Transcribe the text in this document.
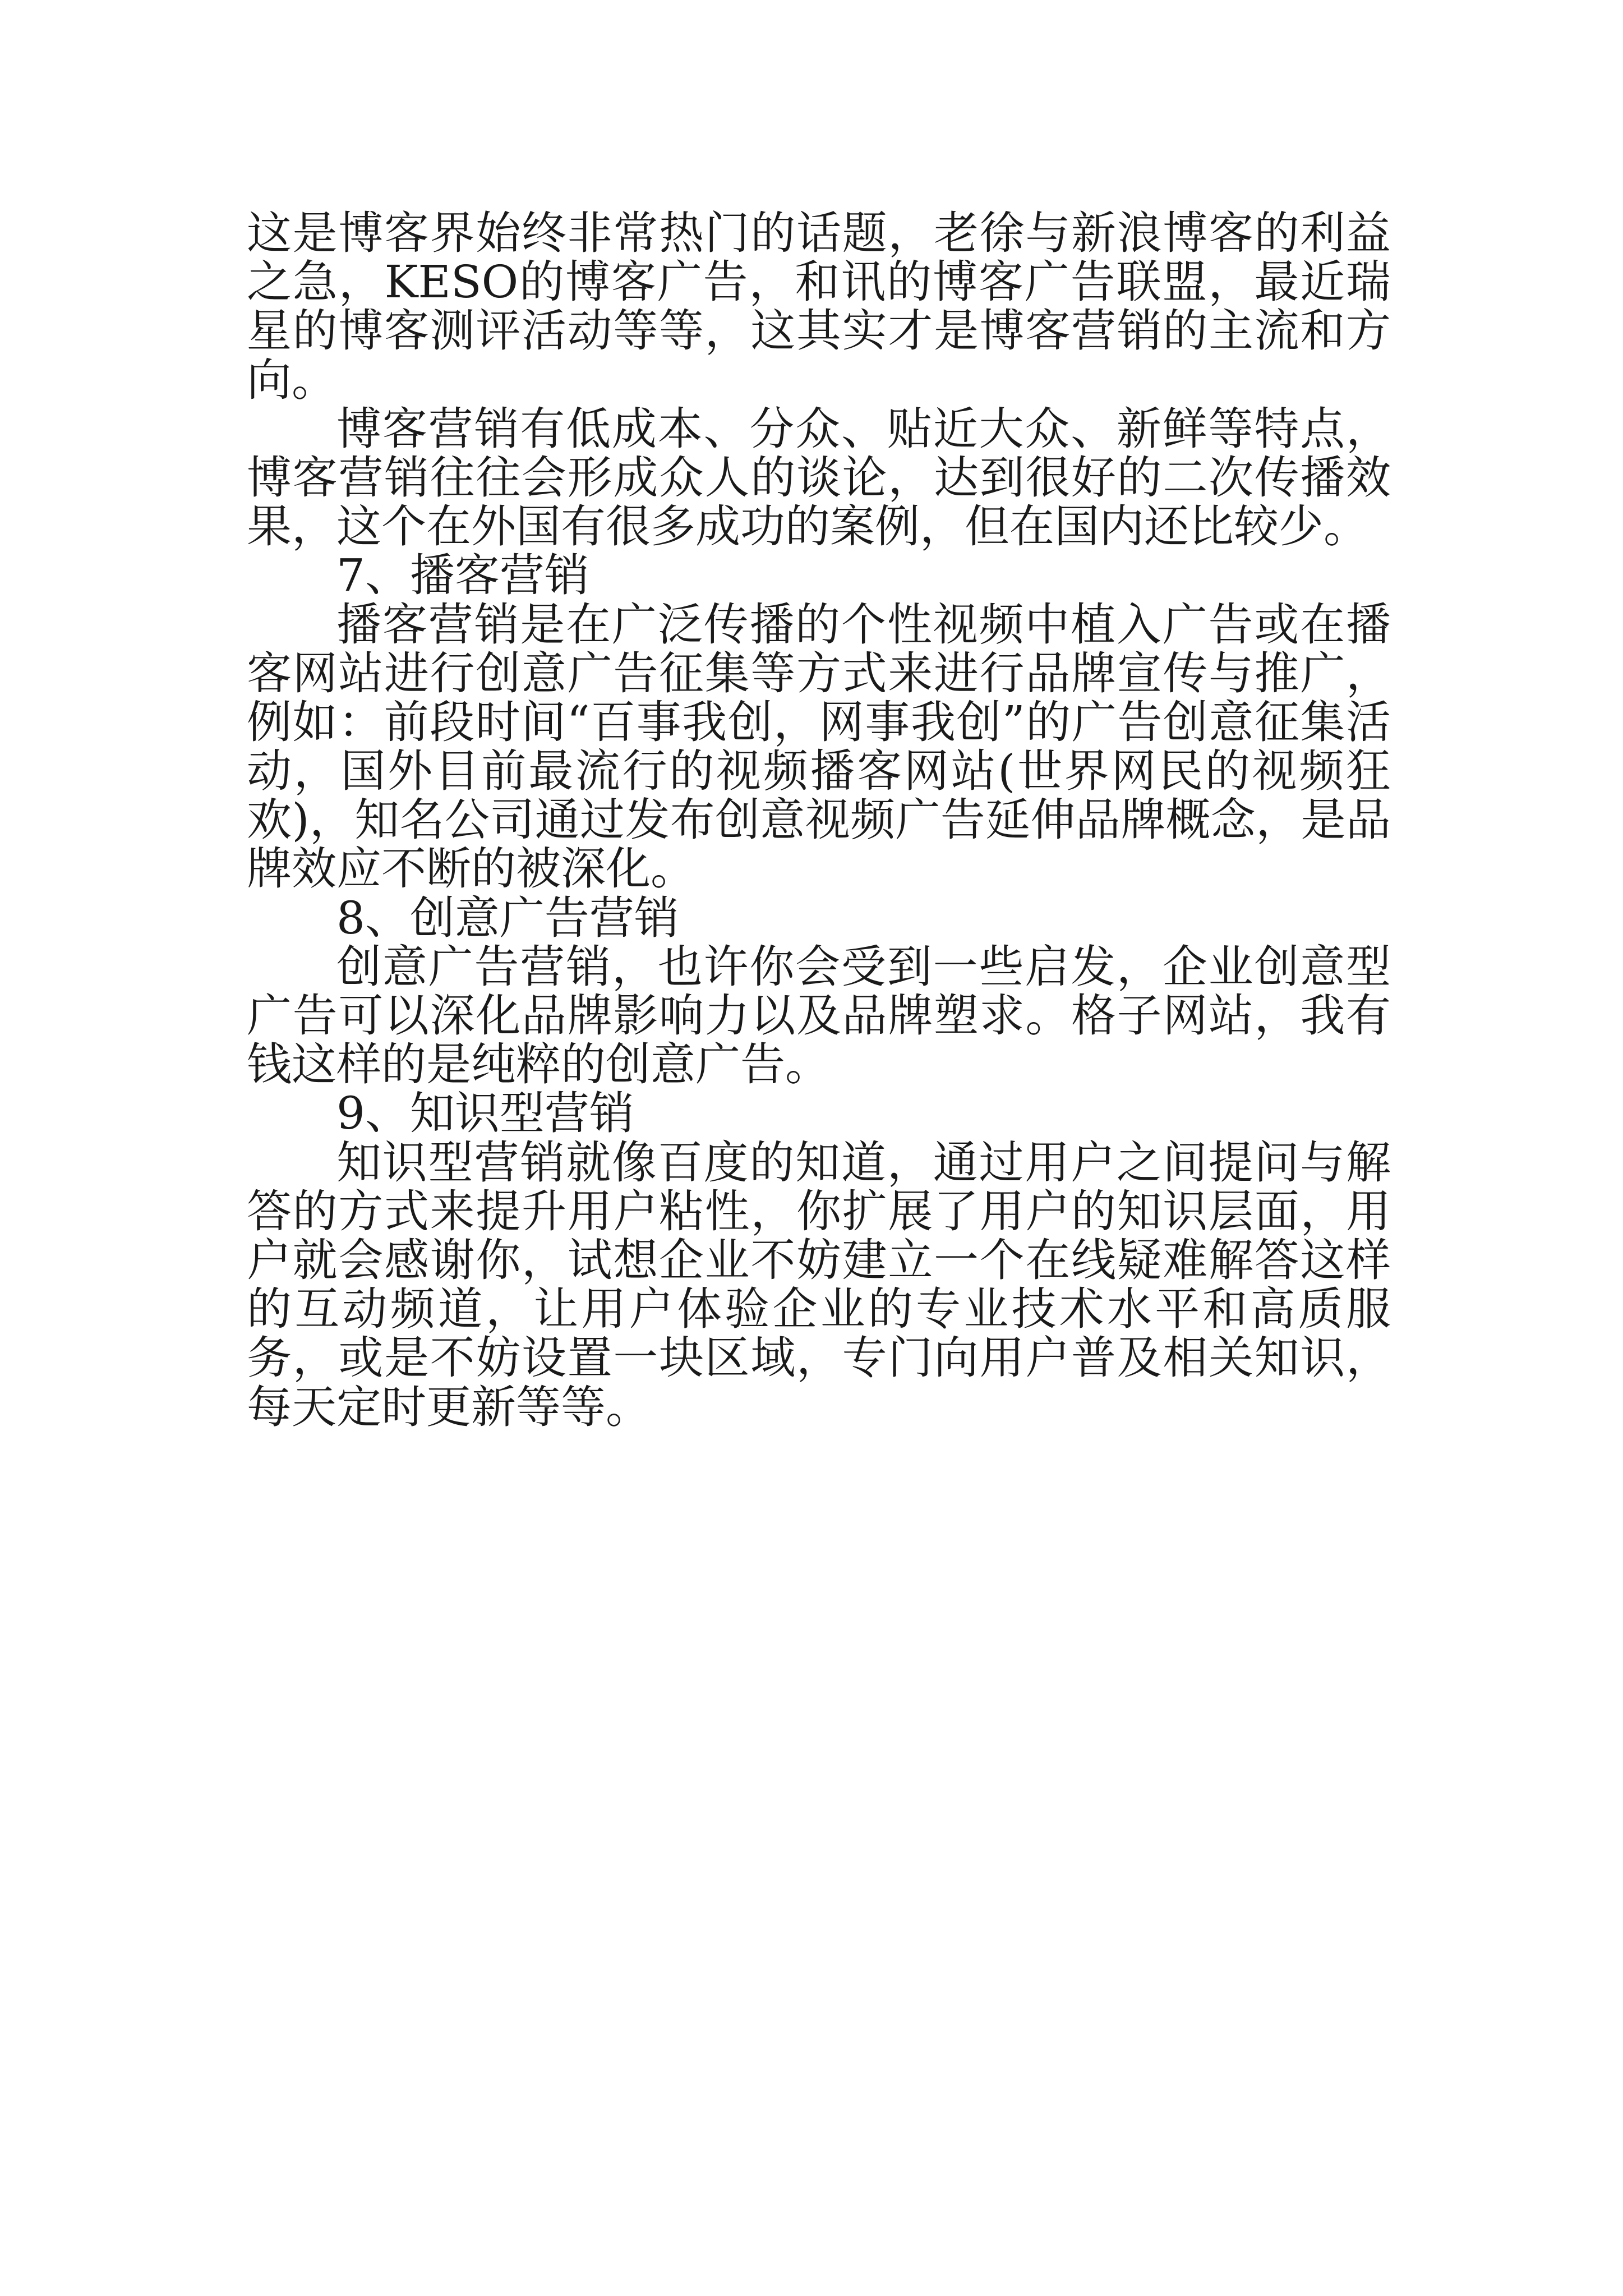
这是博客界始终非常热门的话题，老徐与新浪博客的利益之急，KESO的博客广告，和讯的博客广告联盟，最近瑞星的博客测评活动等等，这其实才是博客营销的主流和方向。

博客营销有低成本、分众、贴近大众、新鲜等特点，博客营销往往会形成众人的谈论，达到很好的二次传播效果，这个在外国有很多成功的案例，但在国内还比较少。

7、播客营销

播客营销是在广泛传播的个性视频中植入广告或在播客网站进行创意广告征集等方式来进行品牌宣传与推广，例如：前段时间“百事我创，网事我创”的广告创意征集活动，国外目前最流行的视频播客网站(世界网民的视频狂欢)，知名公司通过发布创意视频广告延伸品牌概念，是品牌效应不断的被深化。

8、创意广告营销

创意广告营销，也许你会受到一些启发，企业创意型广告可以深化品牌影响力以及品牌塑求。格子网站，我有钱这样的是纯粹的创意广告。

9、知识型营销

知识型营销就像百度的知道，通过用户之间提问与解答的方式来提升用户粘性，你扩展了用户的知识层面，用户就会感谢你，试想企业不妨建立一个在线疑难解答这样的互动频道，让用户体验企业的专业技术水平和高质服务，或是不妨设置一块区域，专门向用户普及相关知识，每天定时更新等等。
